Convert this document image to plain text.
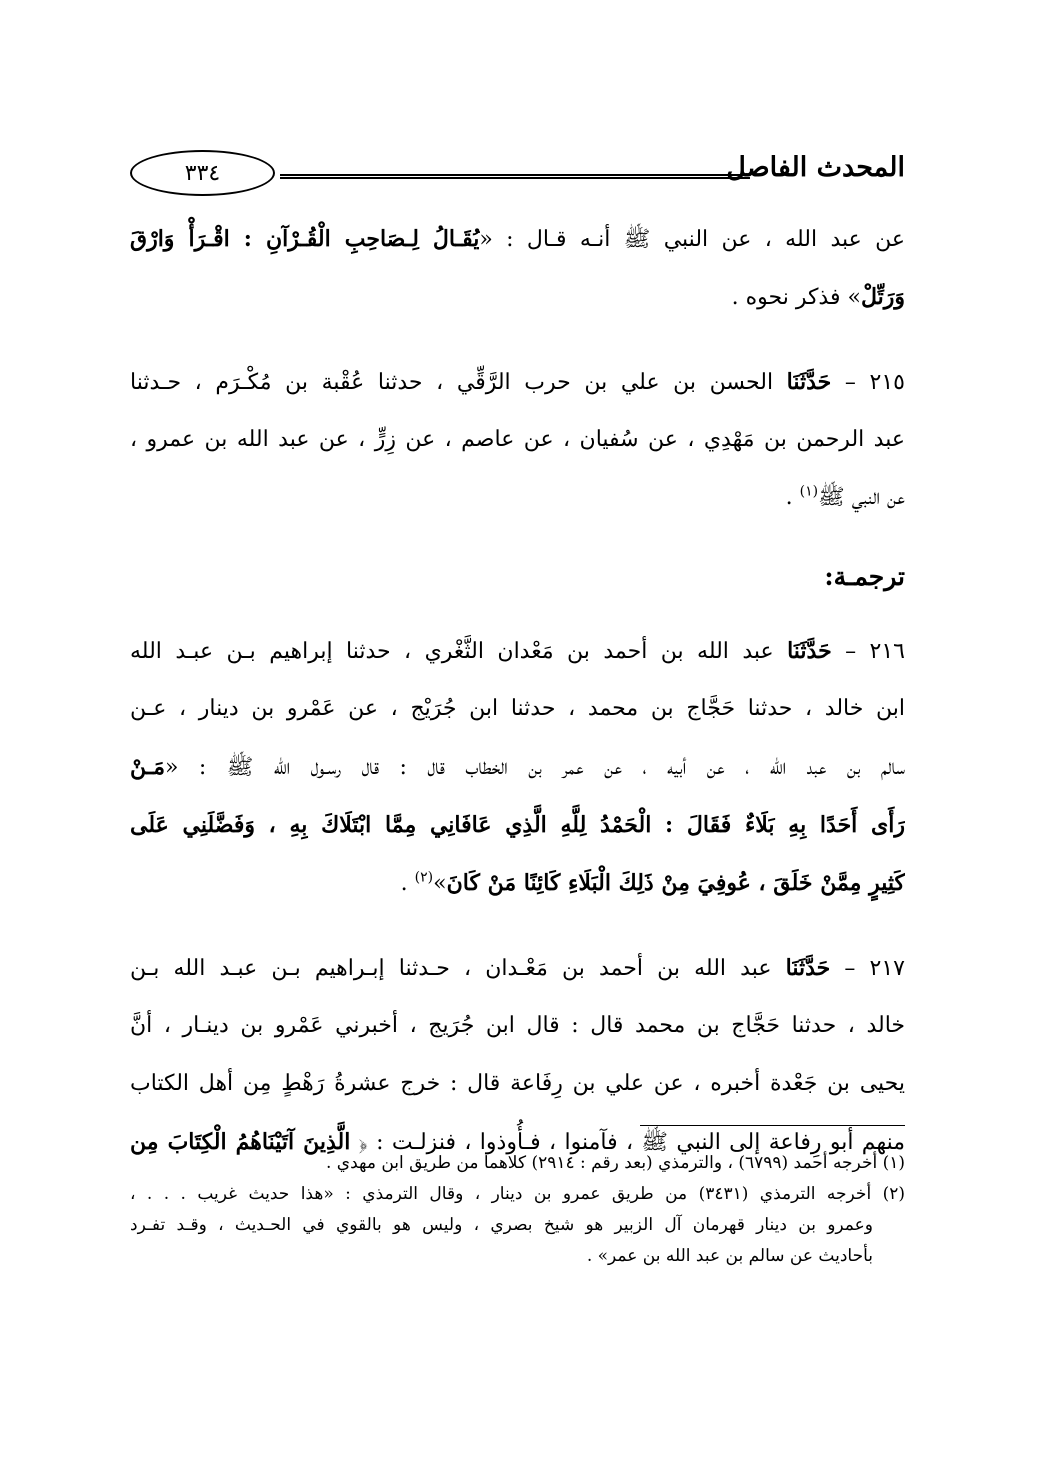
المحدث الفاصل
٣٣٤
عن عبد الله ، عن النبي ﷺ أنـه قـال : «يُقَـالُ لِـصَاحِبِ الْقُـرْآنِ : اقْـرَأْ وَارْقَ
وَرَتِّلْ» فذكر نحوه .
٢١٥ – حَدَّثَنَا الحسن بن علي بن حرب الرَّقِّي ، حدثنا عُقْبة بن مُكْـرَم ، حـدثنا
عبد الرحمن بن مَهْدِي ، عن سُفيان ، عن عاصم ، عن زِرٍّ ، عن عبد الله بن عمرو ،
عن النبي ﷺ$^{(١)}$ .
ترجمـة:
٢١٦ – حَدَّثَنَا عبد الله بن أحمد بن مَعْدان الثَّغْري ، حدثنا إبراهيم بـن عبـد الله
ابن خالد ، حدثنا حَجَّاج بن محمد ، حدثنا ابن جُرَيْج ، عن عَمْرو بن دينار ، عـن
سالم بن عبد الله ، عن أبيه ، عن عمر بن الخطاب قال : قال رسـول الله ﷺ : «مَـنْ
رَأَى أَحَدًا بِهِ بَلَاءٌ فَقَالَ : الْحَمْدُ لِلَّهِ الَّذِي عَافَانِي مِمَّا ابْتَلَاكَ بِهِ ، وَفَضَّلَنِي عَلَى
كَثِيرٍ مِمَّنْ خَلَقَ ، عُوفِيَ مِنْ ذَلِكَ الْبَلَاءِ كَائِنًا مَنْ كَانَ»$^{(٢)}$ .
٢١٧ – حَدَّثَنَا عبد الله بن أحمد بن مَعْـدان ، حـدثنا إبـراهيم بـن عبـد الله بـن
خالد ، حدثنا حَجَّاج بن محمد قال : قال ابن جُرَيج ، أخبرني عَمْرو بن دينـار ، أنَّ
يحيى بن جَعْدة أخبره ، عن علي بن رِفَاعة قال : خرج عشرةُ رَهْطٍ مِن أهل الكتاب
منهم أبو رِفاعة إلى النبي ﷺ ، فآمنوا ، فـأُوذوا ، فنزلـت : ﴿ الَّذِينَ آتَيْنَاهُمُ الْكِتَابَ مِن
(١) أخرجه أحمد (٦٧٩٩) ، والترمذي (بعد رقم : ٢٩١٤) كلاهما من طريق ابن مهدي .
(٢) أخرجه الترمذي (٣٤٣١) من طريق عمرو بن دينار ، وقال الترمذي : «هذا حديث غريب . . . ،
وعمرو بن دينار قهرمان آل الزبير هو شيخ بصري ، وليس هو بالقوي في الحـديث ، وقـد تفـرد
بأحاديث عن سالم بن عبد الله بن عمر» .
